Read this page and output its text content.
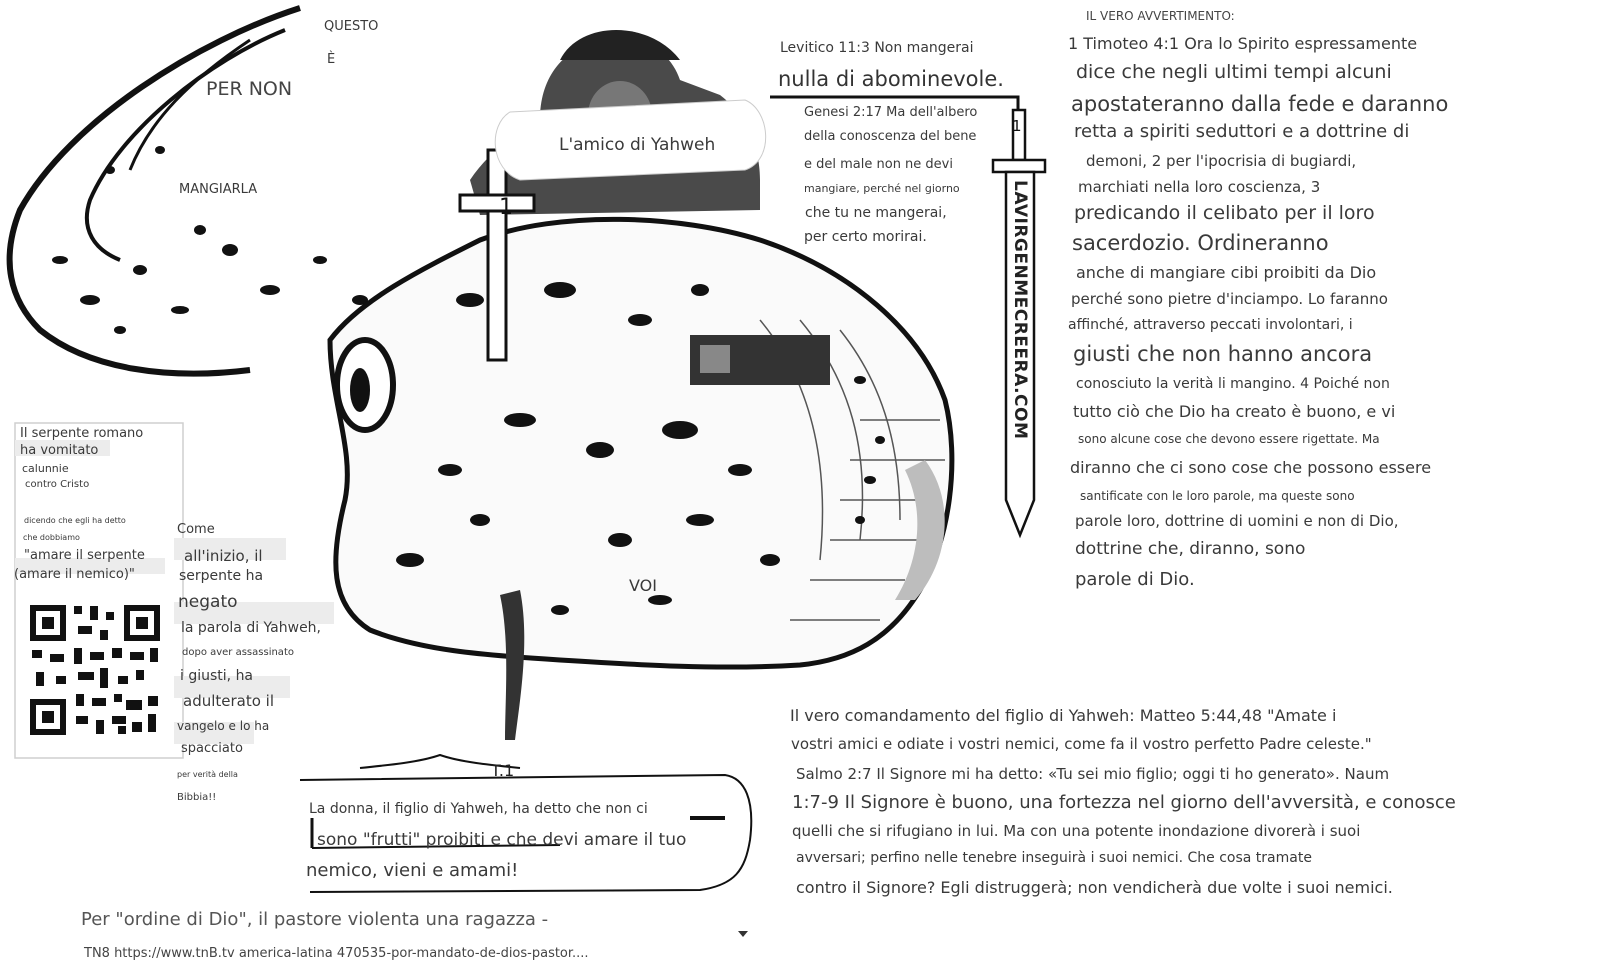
QUESTO
È
PER NON
MANGIARLA
L'amico di Yahweh
VOI
T.1
1
1
Levitico 11:3 Non mangerai
nulla di abominevole.
Genesi 2:17 Ma dell'albero
della conoscenza del bene
e del male non ne devi
mangiare, perché nel giorno
che tu ne mangerai,
per certo morirai.	LAVIRGENMECREERA.COM
IL VERO AVVERTIMENTO:
1 Timoteo 4:1 Ora lo Spirito espressamente
dice che negli ultimi tempi alcuni
apostateranno dalla fede e daranno
retta a spiriti seduttori e a dottrine di
demoni, 2 per l'ipocrisia di bugiardi,
marchiati nella loro coscienza, 3
predicando il celibato per il loro
sacerdozio. Ordineranno
anche di mangiare cibi proibiti da Dio
perché sono pietre d'inciampo. Lo faranno
affinché, attraverso peccati involontari, i
giusti che non hanno ancora
conosciuto la verità li mangino. 4 Poiché non
tutto ciò che Dio ha creato è buono, e vi
sono alcune cose che devono essere rigettate. Ma
diranno che ci sono cose che possono essere
santificate con le loro parole, ma queste sono
parole loro, dottrine di uomini e non di Dio,
dottrine che, diranno, sono
parole di Dio.
Il serpente romano
ha vomitato
calunnie
contro Cristo
dicendo che egli ha detto
che dobbiamo
"amare il serpente
(amare il nemico)"
Come
all'inizio, il
serpente ha
negato
la parola di Yahweh,
dopo aver assassinato
i giusti, ha
adulterato il
vangelo e lo ha
spacciato
per verità della
Bibbia!!
La donna, il figlio di Yahweh, ha detto che non ci
sono "frutti" proibiti e che devi amare il tuo
nemico, vieni e amami!
Il vero comandamento del figlio di Yahweh: Matteo 5:44,48 "Amate i
vostri amici e odiate i vostri nemici, come fa il vostro perfetto Padre celeste."
Salmo 2:7 Il Signore mi ha detto: «Tu sei mio figlio; oggi ti ho generato». Naum
1:7-9 Il Signore è buono, una fortezza nel giorno dell'avversità, e conosce
quelli che si rifugiano in lui. Ma con una potente inondazione divorerà i suoi
avversari; perfino nelle tenebre inseguirà i suoi nemici. Che cosa tramate
contro il Signore? Egli distruggerà; non vendicherà due volte i suoi nemici.
Per "ordine di Dio", il pastore violenta una ragazza -
TN8 https://www.tnB.tv america-latina 470535-por-mandato-de-dios-pastor....
